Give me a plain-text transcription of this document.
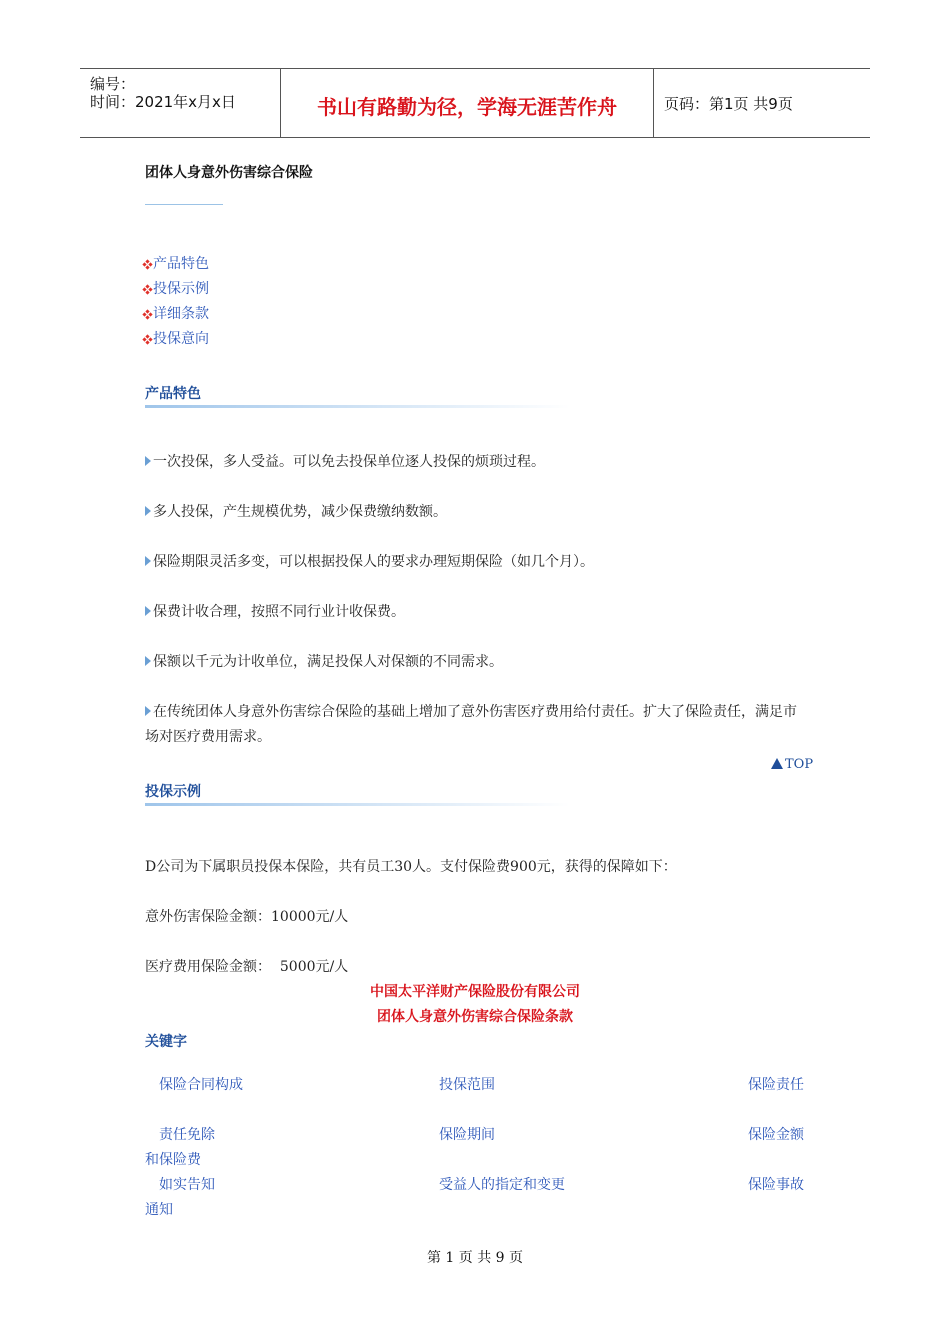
编号：
时间：2021年x月x日	书山有路勤为径，学海无涯苦作舟	页码：第1页 共9页
团体人身意外伤害综合保险
产品特色
投保示例
详细条款
投保意向
产品特色
一次投保，多人受益。可以免去投保单位逐人投保的烦琐过程。
多人投保，产生规模优势，减少保费缴纳数额。
保险期限灵活多变，可以根据投保人的要求办理短期保险（如几个月）。
保费计收合理，按照不同行业计收保费。
保额以千元为计收单位，满足投保人对保额的不同需求。
在传统团体人身意外伤害综合保险的基础上增加了意外伤害医疗费用给付责任。扩大了保险责任，满足市场对医疗费用需求。
TOP
投保示例
D公司为下属职员投保本保险，共有员工30人。支付保险费900元，获得的保障如下：
意外伤害保险金额：10000元/人
医疗费用保险金额：  5000元/人
中国太平洋财产保险股份有限公司
团体人身意外伤害综合保险条款
关键字
保险合同构成	投保范围	保险责任
责任免除	保险期间	保险金额
和保险费
如实告知	受益人的指定和变更	保险事故
通知
第 1 页 共 9 页
